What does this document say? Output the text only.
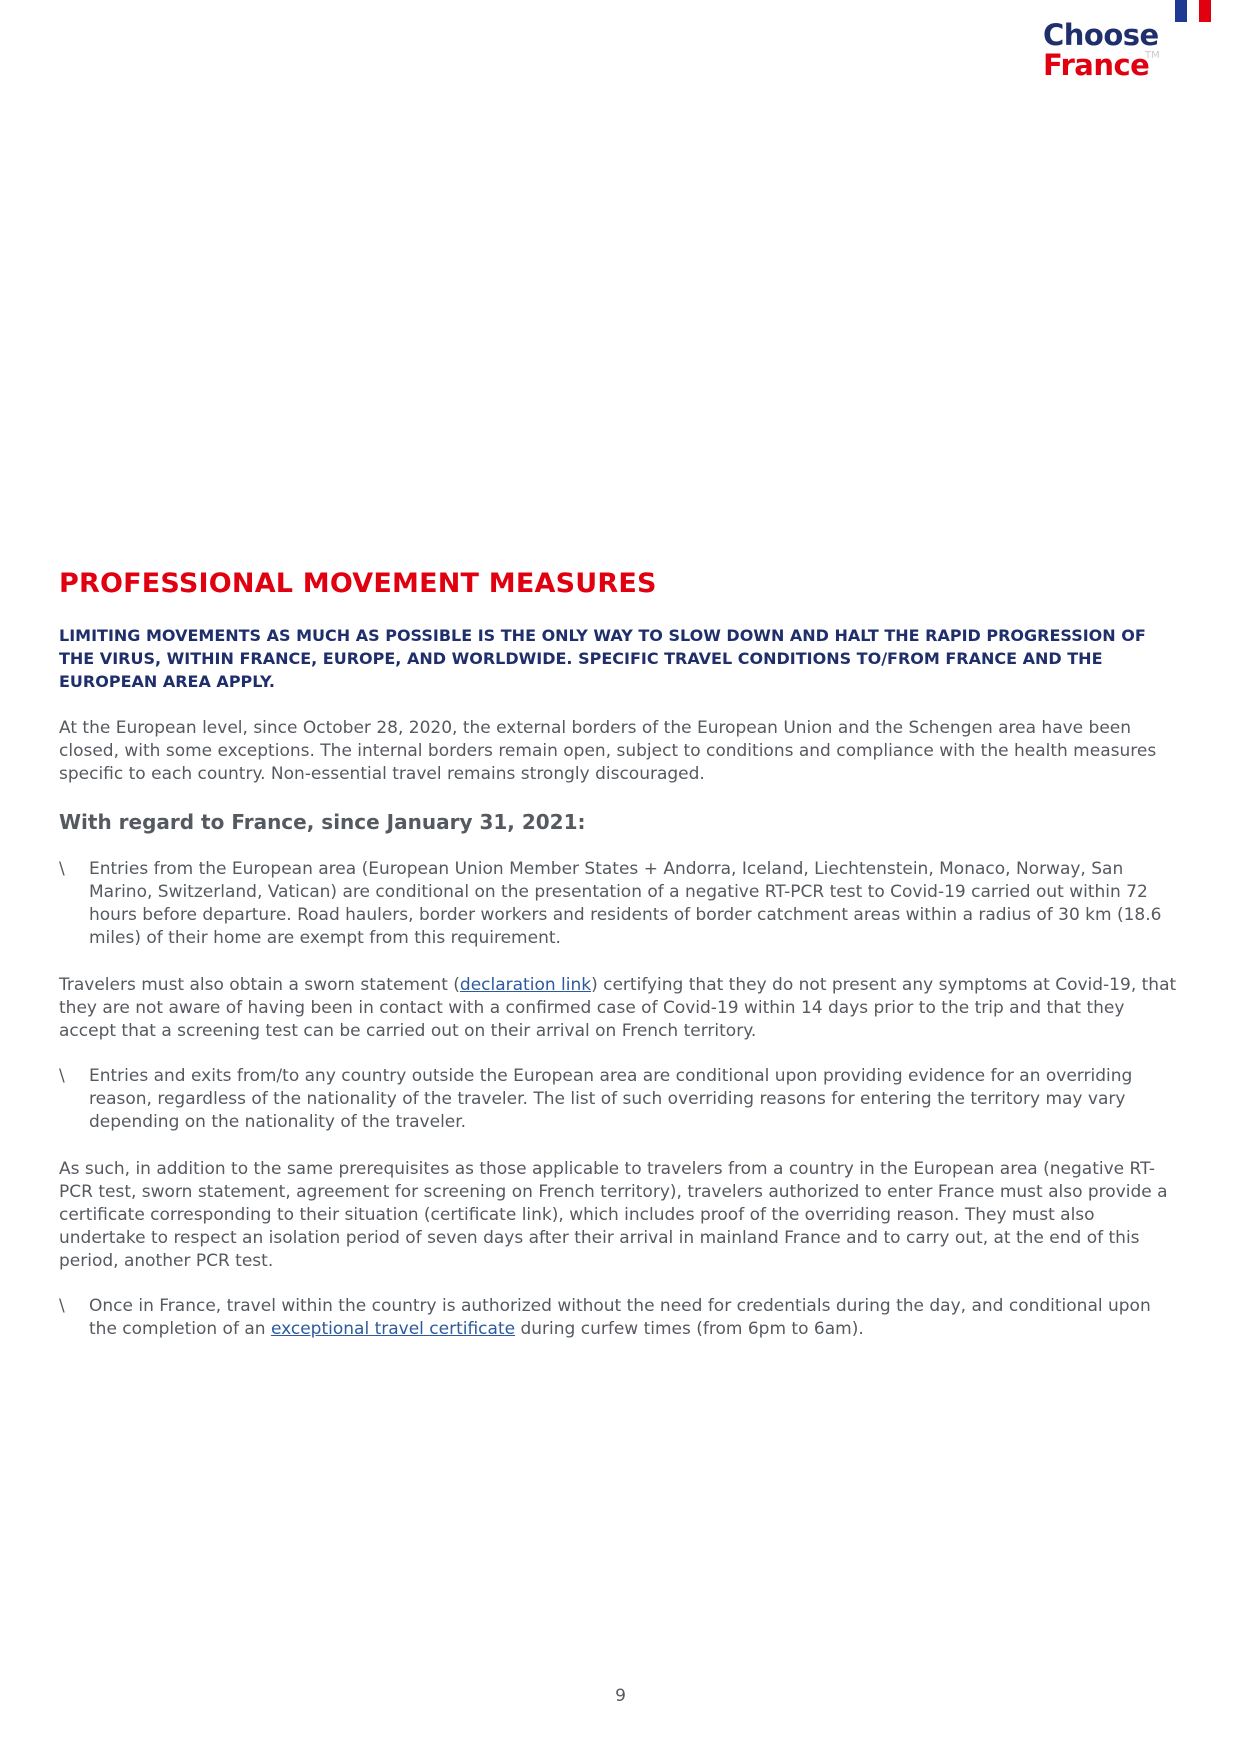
Choose
France
TM
PROFESSIONAL MOVEMENT MEASURES

LIMITING MOVEMENTS AS MUCH AS POSSIBLE IS THE ONLY WAY TO SLOW DOWN AND HALT THE RAPID PROGRESSION OF THE VIRUS, WITHIN FRANCE, EUROPE, AND WORLDWIDE. SPECIFIC TRAVEL CONDITIONS TO/FROM FRANCE AND THE EUROPEAN AREA APPLY.

At the European level, since October 28, 2020, the external borders of the European Union and the Schengen area have been closed, with some exceptions. The internal borders remain open, subject to conditions and compliance with the health measures specific to each country. Non-essential travel remains strongly discouraged.

With regard to France, since January 31, 2021:
\ Entries from the European area (European Union Member States + Andorra, Iceland, Liechtenstein, Monaco, Norway, San Marino, Switzerland, Vatican) are conditional on the presentation of a negative RT-PCR test to Covid-19 carried out within 72 hours before departure. Road haulers, border workers and residents of border catchment areas within a radius of 30 km (18.6 miles) of their home are exempt from this requirement.

Travelers must also obtain a sworn statement (declaration link) certifying that they do not present any symptoms at Covid-19, that they are not aware of having been in contact with a confirmed case of Covid-19 within 14 days prior to the trip and that they accept that a screening test can be carried out on their arrival on French territory.

\ Entries and exits from/to any country outside the European area are conditional upon providing evidence for an overriding reason, regardless of the nationality of the traveler. The list of such overriding reasons for entering the territory may vary depending on the nationality of the traveler.

As such, in addition to the same prerequisites as those applicable to travelers from a country in the European area (negative RT-PCR test, sworn statement, agreement for screening on French territory), travelers authorized to enter France must also provide a certificate corresponding to their situation (certificate link), which includes proof of the overriding reason. They must also undertake to respect an isolation period of seven days after their arrival in mainland France and to carry out, at the end of this period, another PCR test.

\ Once in France, travel within the country is authorized without the need for credentials during the day, and conditional upon the completion of an exceptional travel certificate during curfew times (from 6pm to 6am).
9
